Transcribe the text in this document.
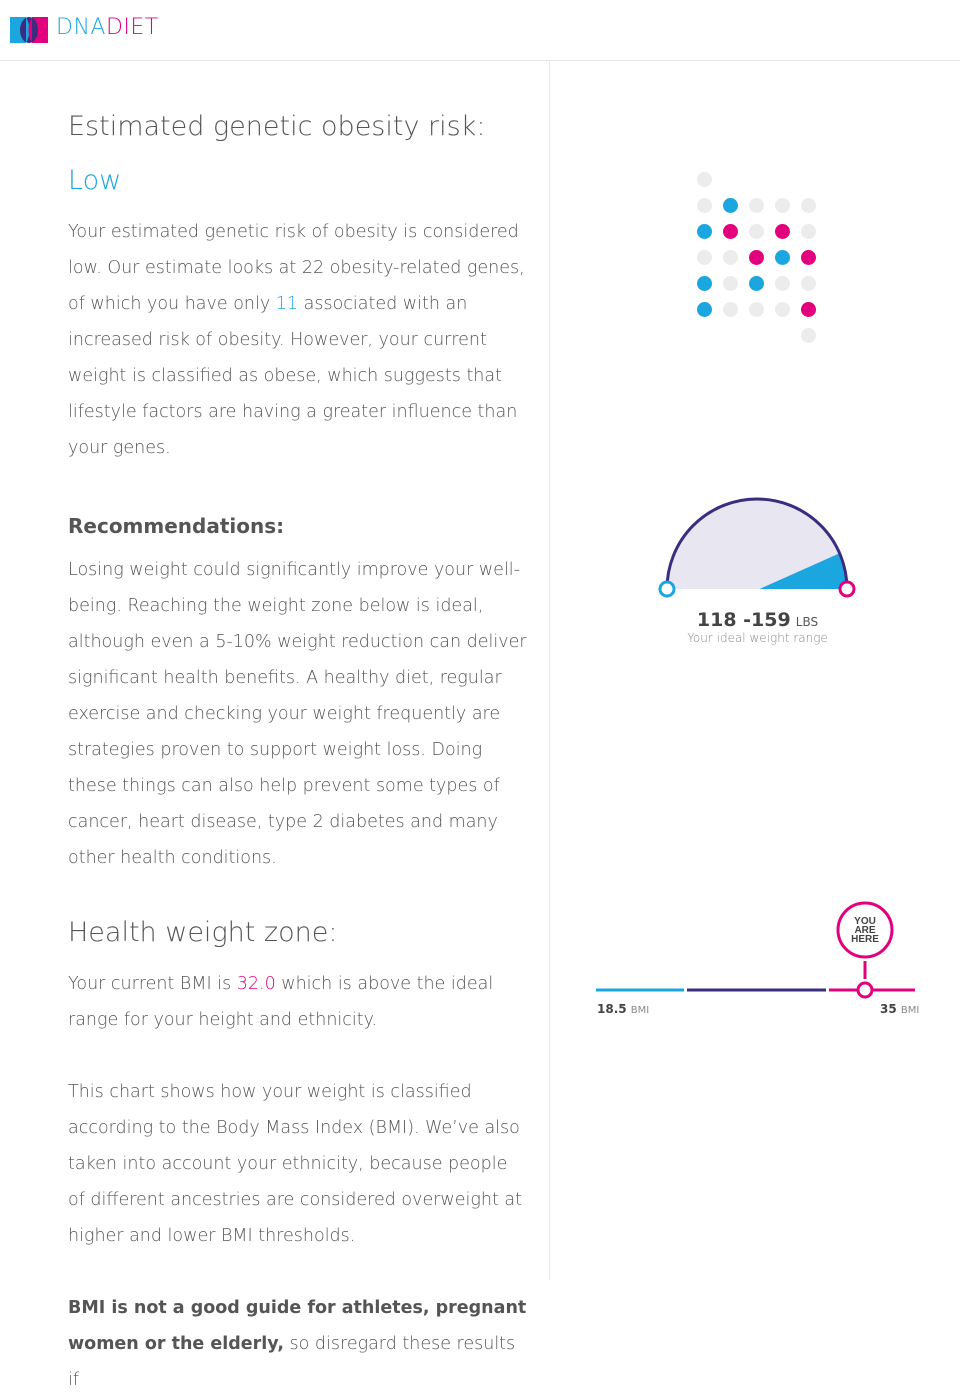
DNADIET
Estimated genetic obesity risk: Low

Your estimated genetic risk of obesity is considered low. Our estimate looks at 22 obesity-related genes, of which you have only 11 associated with an increased risk of obesity. However, your current weight is classified as obese, which suggests that lifestyle factors are having a greater influence than your genes.

Recommendations:

Losing weight could significantly improve your well-being. Reaching the weight zone below is ideal, although even a 5-10% weight reduction can deliver significant health benefits. A healthy diet, regular exercise and checking your weight frequently are strategies proven to support weight loss. Doing these things can also help prevent some types of cancer, heart disease, type 2 diabetes and many other health conditions.

Health weight zone:

Your current BMI is 32.0 which is above the ideal range for your height and ethnicity.

This chart shows how your weight is classified according to the Body Mass Index (BMI). We’ve also taken into account your ethnicity, because people of different ancestries are considered overweight at higher and lower BMI thresholds.

BMI is not a good guide for athletes, pregnant women or the elderly, so disregard these results if

118 -159 LBS
Your ideal weight range
YOU
ARE
HERE
18.5 BMI	35 BMI
